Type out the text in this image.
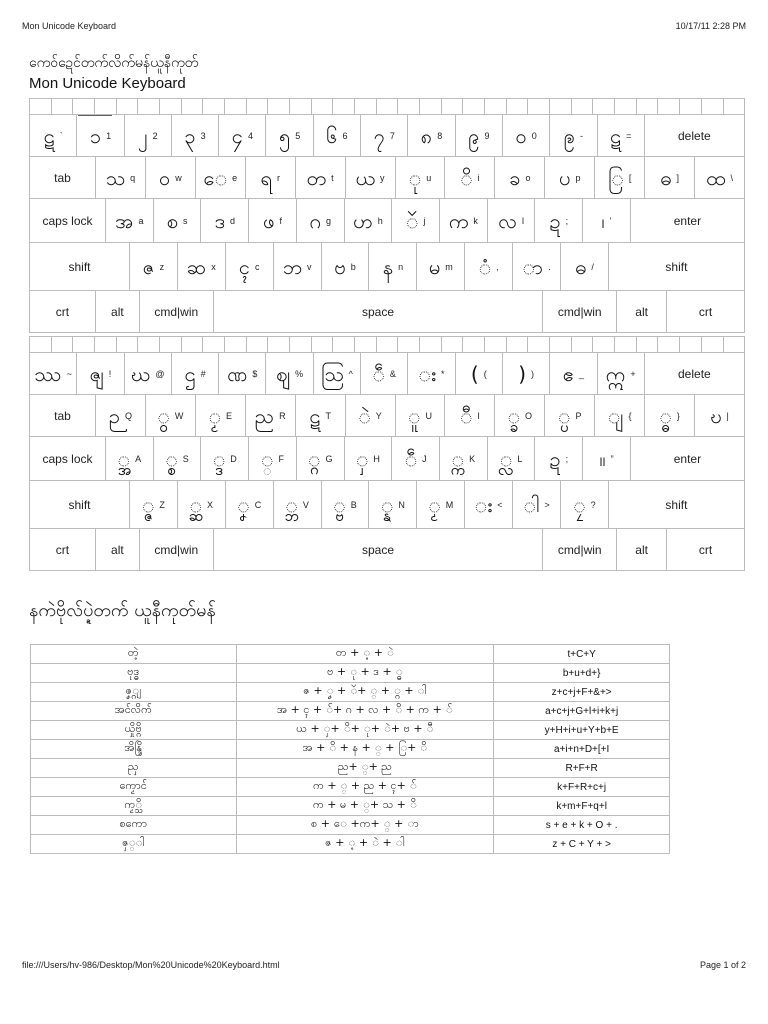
Mon Unicode Keyboard	10/17/11 2:28 PM
ကေဝ်ဍေင်တက်လိက်မန်ယူနီကုတ်
Mon Unicode Keyboard
ဋ ` ၁ 1 ၂ 2 ၃ 3 ၄ 4 ၅ 5 ၆ 6 ၇ 7 ၈ 8 ၉ 9 ၀ 0 ဨ - ဋ =	delete
tab သ q ဝ w ေ e ရ r တ t ယ y ု u ိ i ခ o ပ p ြ [ ဓ ] ထ \
caps lock အ a စ s ဒ d ဖ f ဂ g ဟ h ၴ j က k လ l ဍ ; ၊ ’	enter
shift	ဇ z ဆ x ၚ c ဘ v ဗ b န n မ m ံ , ာ . ဓ /	shift
crt	alt	cmd|win	space	cmd|win	alt	crt
ဿ ~ ၛ ! ဃ @ ဌ # ဏ $ ဈ % ဩ ^ ဵ & း * ( ( ) ) ဧ _ ဣ +	delete
tab ဉ Q ွ W ၟ E ည R ဋ T ဲ Y ူ U ီ I ္ခ O ္ပ P ျ { ္ဓ } ဎ |
caps lock ္အ A ္စ S ္ဒ D ္ F ္ဂ G ှ H ဵ J ္က K ္လ L ဍ ; ။ ”	enter
shift	္ဇ Z ္ဆ X ၞ C ္ဘ V ္ဗ B ္န N ၟ M း < ါ > ၠ ?	shift
crt	alt	cmd|win	space	cmd|win	alt	crt
နကဲဗိုလ်ပ္ဍဲတက် ယူနီကုတ်မန်
တဲ့	တ + ့ + ဲ	t+C+Y
ဗုဒ္ဓ	ဗ + ု + ဒ + ္ဓ	b+u+d+}
ဇၞ္ဂျ	ဇ + ၞ + ၴ+ ္ + ္ဂ + ါ	z+c+j+F+&+>
အၚ်လိက်	အ + ၚ + ်+ ဂ + လ + ိ + က + ်	a+c+j+G+l+i+k+j
ယှိုဗ္ဂိ	ယ + ှ+ ိ+ ု+ ဲ+ ဗ + ီ	y+H+i+u+Y+b+E
အိန္ဒြိ	အ + ိ + န + ္ + ြ+ ိ	a+i+n+D+[+I
ညှ	ည+ ္+ ည	R+F+R
ကၟောၚ်	က + ္ + ည + ၚ+ ်	k+F+R+c+j
ကၟ္သိ	က + မ + ္+ သ + ိ	k+m+F+q+l
စကော	စ + ေ +က+ ္ + ာ	s + e + k + O + .
ဇှ္ါ	ဇ + ့ + ဲ + ါ	z + C + Y + >
file:///Users/hv-986/Desktop/Mon%20Unicode%20Keyboard.html	Page 1 of 2
